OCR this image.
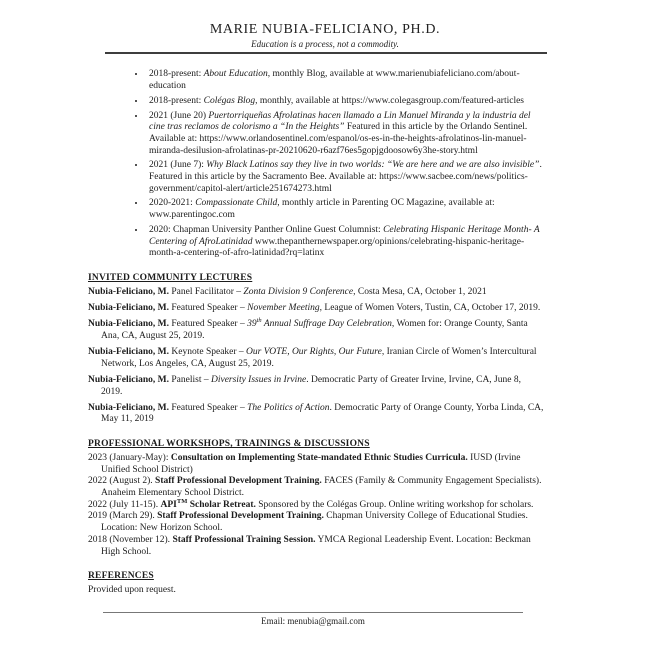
MARIE NUBIA-FELICIANO, PH.D.
Education is a process, not a commodity.
• 2018-present: About Education, monthly Blog, available at www.marienubiafeliciano.com/about-education
• 2018-present: Colégas Blog, monthly, available at https://www.colegasgroup.com/featured-articles
• 2021 (June 20) Puertorriqueñas Afrolatinas hacen llamado a Lin Manuel Miranda y la industria del cine tras reclamos de colorismo a “In the Heights” Featured in this article by the Orlando Sentinel. Available at: https://www.orlandosentinel.com/espanol/os-es-in-the-heights-afrolatinos-lin-manuel-miranda-desilusion-afrolatinas-pr-20210620-r6azf76es5gopjgdoosow6y3he-story.html
• 2021 (June 7): Why Black Latinos say they live in two worlds: “We are here and we are also invisible”. Featured in this article by the Sacramento Bee. Available at: https://www.sacbee.com/news/politics-government/capitol-alert/article251674273.html
• 2020-2021: Compassionate Child, monthly article in Parenting OC Magazine, available at: www.parentingoc.com
• 2020: Chapman University Panther Online Guest Columnist: Celebrating Hispanic Heritage Month- A Centering of AfroLatinidad www.thepanthernewspaper.org/opinions/celebrating-hispanic-heritage-month-a-centering-of-afro-latinidad?rq=latinx
INVITED COMMUNITY LECTURES

Nubia-Feliciano, M. Panel Facilitator – Zonta Division 9 Conference, Costa Mesa, CA, October 1, 2021

Nubia-Feliciano, M. Featured Speaker – November Meeting, League of Women Voters, Tustin, CA, October 17, 2019.

Nubia-Feliciano, M. Featured Speaker – 39th Annual Suffrage Day Celebration, Women for: Orange County, Santa Ana, CA, August 25, 2019.

Nubia-Feliciano, M. Keynote Speaker – Our VOTE, Our Rights, Our Future, Iranian Circle of Women’s Intercultural Network, Los Angeles, CA, August 25, 2019.

Nubia-Feliciano, M. Panelist – Diversity Issues in Irvine. Democratic Party of Greater Irvine, Irvine, CA, June 8, 2019.

Nubia-Feliciano, M. Featured Speaker – The Politics of Action. Democratic Party of Orange County, Yorba Linda, CA, May 11, 2019

PROFESSIONAL WORKSHOPS, TRAININGS & DISCUSSIONS

2023 (January-May): Consultation on Implementing State-mandated Ethnic Studies Curricula. IUSD (Irvine Unified School District)

2022 (August 2). Staff Professional Development Training. FACES (Family & Community Engagement Specialists). Anaheim Elementary School District.

2022 (July 11-15). API™ Scholar Retreat. Sponsored by the Colégas Group. Online writing workshop for scholars.

2019 (March 29). Staff Professional Development Training. Chapman University College of Educational Studies. Location: New Horizon School.

2018 (November 12). Staff Professional Training Session. YMCA Regional Leadership Event. Location: Beckman High School.

REFERENCES

Provided upon request.

Email: menubia@gmail.com
